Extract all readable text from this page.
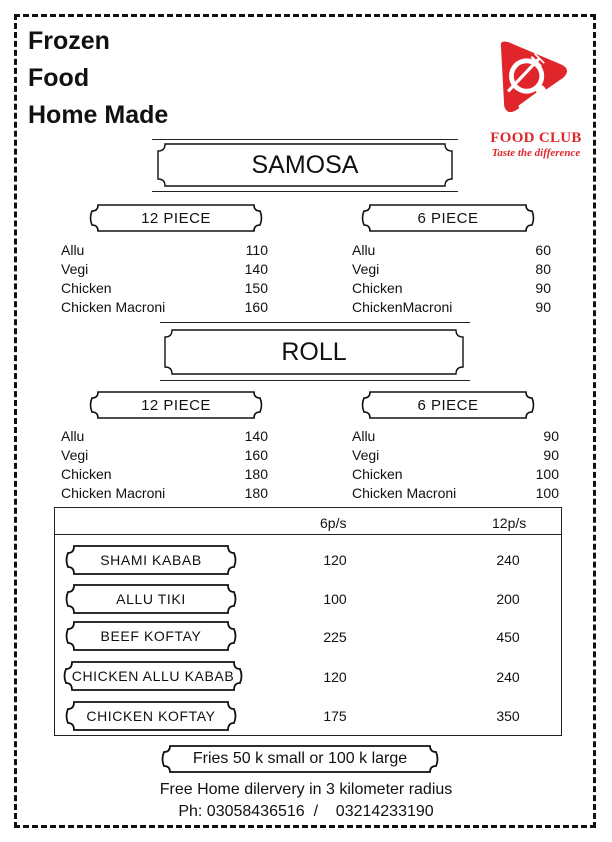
Frozen
Food
Home Made
FOOD CLUB
Taste the difference
SAMOSA
12 PIECE	6 PIECE
Allu	110
Vegi	140
Chicken	150
Chicken Macroni	160
Allu	60
Vegi	80
Chicken	90
ChickenMacroni	90
ROLL
12 PIECE	6 PIECE
Allu	140
Vegi	160
Chicken	180
Chicken Macroni	180
Allu	90
Vegi	90
Chicken	100
Chicken Macroni	100
6p/s	12p/s
SHAMI KABAB	120	240
ALLU TIKI	100	200
BEEF KOFTAY	225	450
CHICKEN ALLU KABAB	120	240
CHICKEN KOFTAY	175	350
Fries 50 k small or 100 k large
Free Home dilervery in 3 kilometer radius
Ph: 03058436516  /    03214233190
